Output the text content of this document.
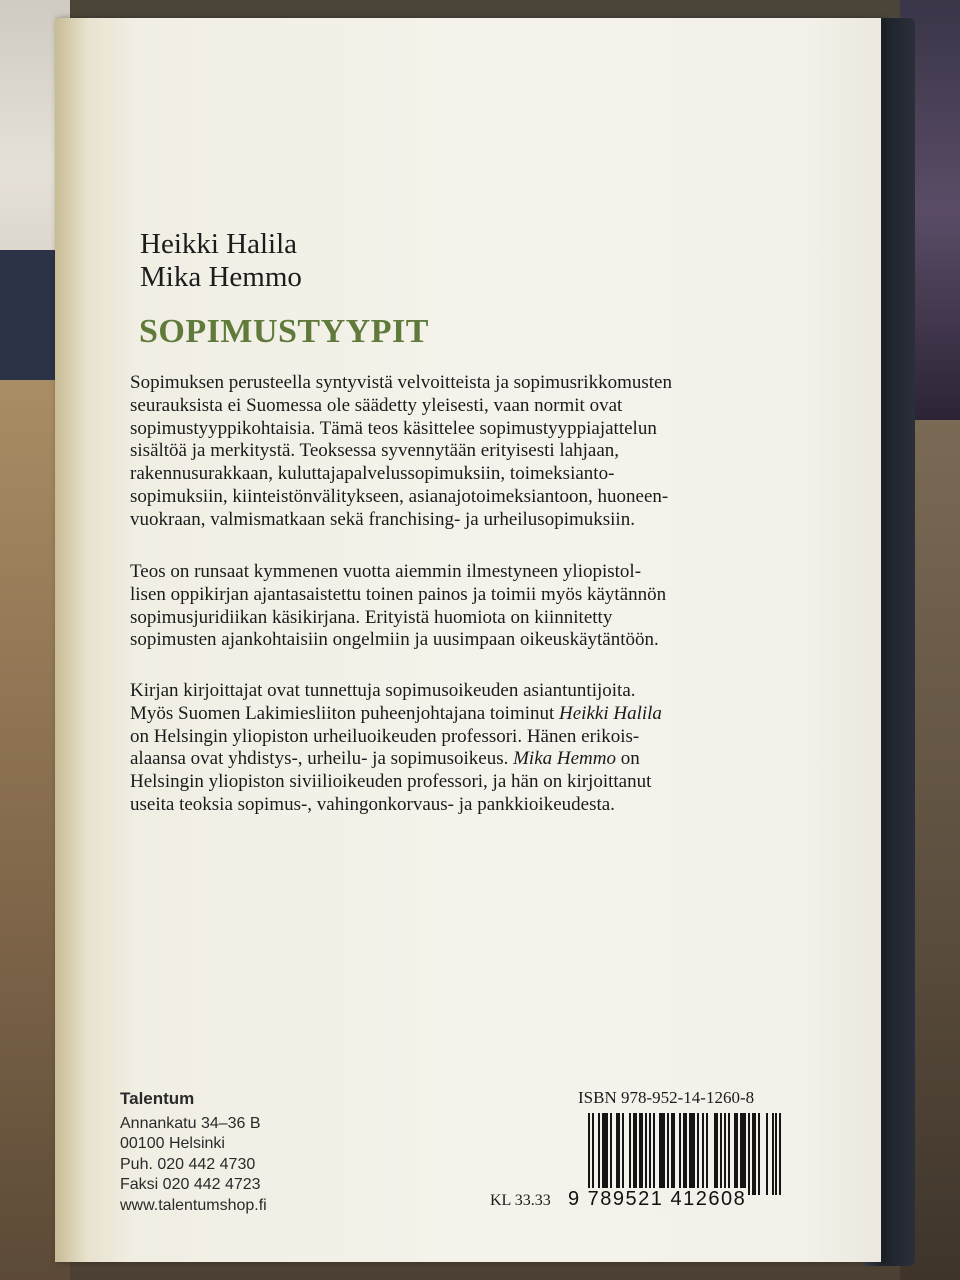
Heikki Halila
Mika Hemmo
SOPIMUSTYYPIT
Sopimuksen perusteella syntyvistä velvoitteista ja sopimusrikkomusten
seurauksista ei Suomessa ole säädetty yleisesti, vaan normit ovat
sopimustyyppikohtaisia. Tämä teos käsittelee sopimustyyppiajattelun
sisältöä ja merkitystä. Teoksessa syvennytään erityisesti lahjaan,
rakennusurakkaan, kuluttajapalvelussopimuksiin, toimeksianto-
sopimuksiin, kiinteistönvälitykseen, asianajotoimeksiantoon, huoneen-
vuokraan, valmismatkaan sekä franchising- ja urheilusopimuksiin.
Teos on runsaat kymmenen vuotta aiemmin ilmestyneen yliopistol-
lisen oppikirjan ajantasaistettu toinen painos ja toimii myös käytännön
sopimusjuridiikan käsikirjana. Erityistä huomiota on kiinnitetty
sopimusten ajankohtaisiin ongelmiin ja uusimpaan oikeuskäytäntöön.
Kirjan kirjoittajat ovat tunnettuja sopimusoikeuden asiantuntijoita.
Myös Suomen Lakimiesliiton puheenjohtajana toiminut Heikki Halila
on Helsingin yliopiston urheiluoikeuden professori. Hänen erikois-
alaansa ovat yhdistys-, urheilu- ja sopimusoikeus. Mika Hemmo on
Helsingin yliopiston siviilioikeuden professori, ja hän on kirjoittanut
useita teoksia sopimus-, vahingonkorvaus- ja pankkioikeudesta.
Talentum
Annankatu 34–36 B
00100 Helsinki
Puh. 020 442 4730
Faksi 020 442 4723
www.talentumshop.fi
ISBN 978-952-14-1260-8
KL 33.33 9 789521 412608
